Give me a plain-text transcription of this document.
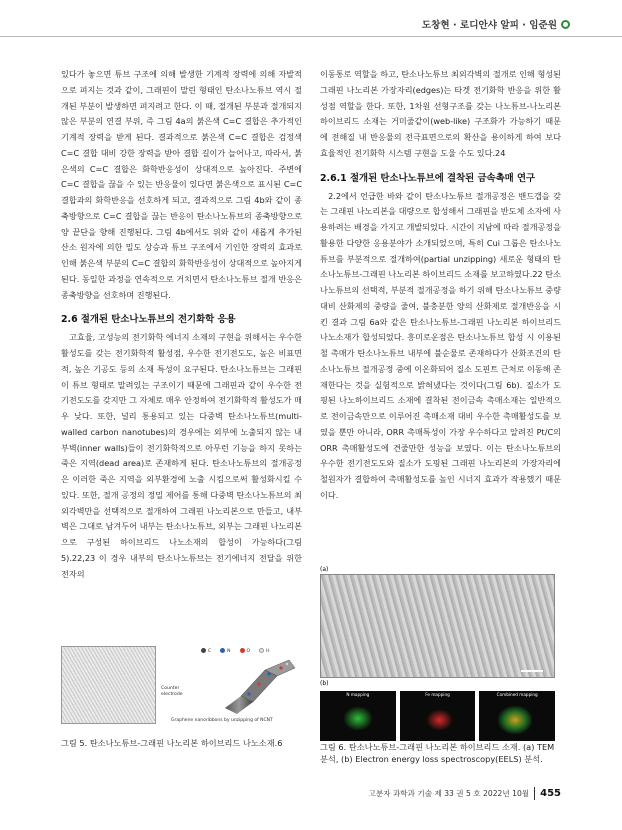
도창현 · 로디안샤 알피 · 임준원

있다가 놓으면 튜브 구조에 의해 발생한 기계적 장력에 의해 자발적으로 펴지는 것과 같이, 그래핀이 말린 형태인 탄소나노튜브 역시 절개된 부분이 발생하면 펴지려고 한다. 이 때, 절개된 부분과 절개되지 않은 부분의 연결 부위, 즉 그림 4a의 붉은색 C=C 결합은 추가적인 기계적 장력을 받게 된다. 결과적으로 붉은색 C=C 결합은 검정색 C=C 결합 대비 강한 장력을 받아 결합 길이가 늘어나고, 따라서, 붉은색의 C=C 결합은 화학반응성이 상대적으로 높아진다. 주변에 C=C 결합을 끊을 수 있는 반응물이 있다면 붉은색으로 표시된 C=C 결합과의 화학반응을 선호하게 되고, 결과적으로 그림 4b와 같이 종축방향으로 C=C 결합을 끊는 반응이 탄소나노튜브의 종축방향으로 양 끝단을 향해 진행된다. 그림 4b에서도 위와 같이 새롭게 추가된 산소 원자에 의한 밀도 상승과 튜브 구조에서 기인한 장력의 효과로 인해 붉은색 부분의 C=C 결합의 화학반응성이 상대적으로 높아지게 된다. 동일한 과정을 연속적으로 거치면서 탄소나노튜브 절개 반응은 종축방향을 선호하며 진행된다.

2.6 절개된 탄소나노튜브의 전기화학 응용

고효율, 고성능의 전기화학 에너지 소재의 구현을 위해서는 우수한 활성도를 갖는 전기화학적 활성점, 우수한 전기전도도, 높은 비표면적, 높은 기공도 등의 소재 특성이 요구된다. 탄소나노튜브는 그래핀이 튜브 형태로 말려있는 구조이기 때문에 그래핀과 같이 우수한 전기전도도를 갖지만 그 자체로 매우 안정하여 전기화학적 활성도가 매우 낮다. 또한, 널리 통용되고 있는 다중벽 탄소나노튜브(multi-walled carbon nanotubes)의 경우에는 외부에 노출되지 않는 내부벽(inner walls)들이 전기화학적으로 아무런 기능을 하지 못하는 죽은 지역(dead area)로 존재하게 된다. 탄소나노튜브의 절개공정은 이러한 죽은 지역을 외부환경에 노출 시킴으로써 활성화시킬 수 있다. 또한, 절개 공정의 정밀 제어를 통해 다중벽 탄소나노튜브의 최외각벽만을 선택적으로 절개하여 그래핀 나노리본으로 만들고, 내부벽은 그대로 남겨두어 내부는 탄소나노튜브, 외부는 그래핀 나노리본으로 구성된 하이브리드 나노소재의 합성이 가능하다(그림 5).22,23 이 경우 내부의 탄소나노튜브는 전기에너지 전달을 위한 전자의

이동통로 역할을 하고, 탄소나노튜브 최외각벽의 절개로 인해 형성된 그래핀 나노리본 가장자리(edges)는 타겟 전기화학 반응을 위한 활성점 역할을 한다. 또한, 1차원 선형구조를 갖는 나노튜브-나노리본 하이브리드 소재는 거미줄같이(web-like) 구조화가 가능하기 때문에 전해질 내 반응물의 전극표면으로의 확산을 용이하게 하여 보다 효율적인 전기화학 시스템 구현을 도울 수도 있다.24

2.6.1 절개된 탄소나노튜브에 결착된 금속촉매 연구

2.2에서 언급한 바와 같이 탄소나노튜브 절개공정은 밴드갭을 갖는 그래핀 나노리본을 대량으로 합성해서 그래핀을 반도체 소자에 사용하려는 배경을 가지고 개발되었다. 시간이 지남에 따라 절개공정을 활용한 다양한 응용분야가 소개되었으며, 특히 Cui 그룹은 탄소나노튜브를 부분적으로 절개하여(partial unzipping) 새로운 형태의 탄소나노튜브-그래핀 나노리본 하이브리드 소재를 보고하였다.22 탄소나노튜브의 선택적, 부분적 절개공정을 하기 위해 탄소나노튜브 중량 대비 산화제의 중량을 줄여, 불충분한 양의 산화제로 절개반응을 시킨 결과 그림 6a와 같은 탄소나노튜브-그래핀 나노리본 하이브리드 나노소재가 합성되었다. 흥미로운점은 탄소나노튜브 합성 시 이용된 철 촉매가 탄소나노튜브 내부에 불순물로 존재하다가 산화조건의 탄소나노튜브 절개공정 중에 이온화되어 질소 도핀트 근처로 이동해 존재한다는 것을 실험적으로 밝혀냈다는 것이다(그림 6b). 질소가 도핑된 나노하이브리드 소재에 결착된 전이금속 촉매소재는 일반적으로 전이금속만으로 이루어진 촉매소재 대비 우수한 촉매활성도를 보였을 뿐만 아니라, ORR 촉매특성이 가장 우수하다고 알려진 Pt/C의 ORR 촉매활성도에 견줄만한 성능을 보였다. 이는 탄소나노튜브의 우수한 전기전도도와 질소가 도핑된 그래핀 나노리본의 가장자리에 철원자가 결합하여 촉매활성도를 높인 시너지 효과가 작용했기 때문이다.

C	N	O	H
Counter
electrode
Graphene nanoribbons by unzipping of NCNT
그림 5. 탄소나노튜브-그래핀 나노리본 하이브리드 나노소재.6
(a)
(b)
N mapping	Fe mapping	Combined mapping
그림 6. 탄소나노튜브-그래핀 나노리본 하이브리드 소재. (a) TEM 분석, (b) Electron energy loss spectroscopy(EELS) 분석.
고분자 과학과 기술 제 33 권 5 호 2022년 10월 455
